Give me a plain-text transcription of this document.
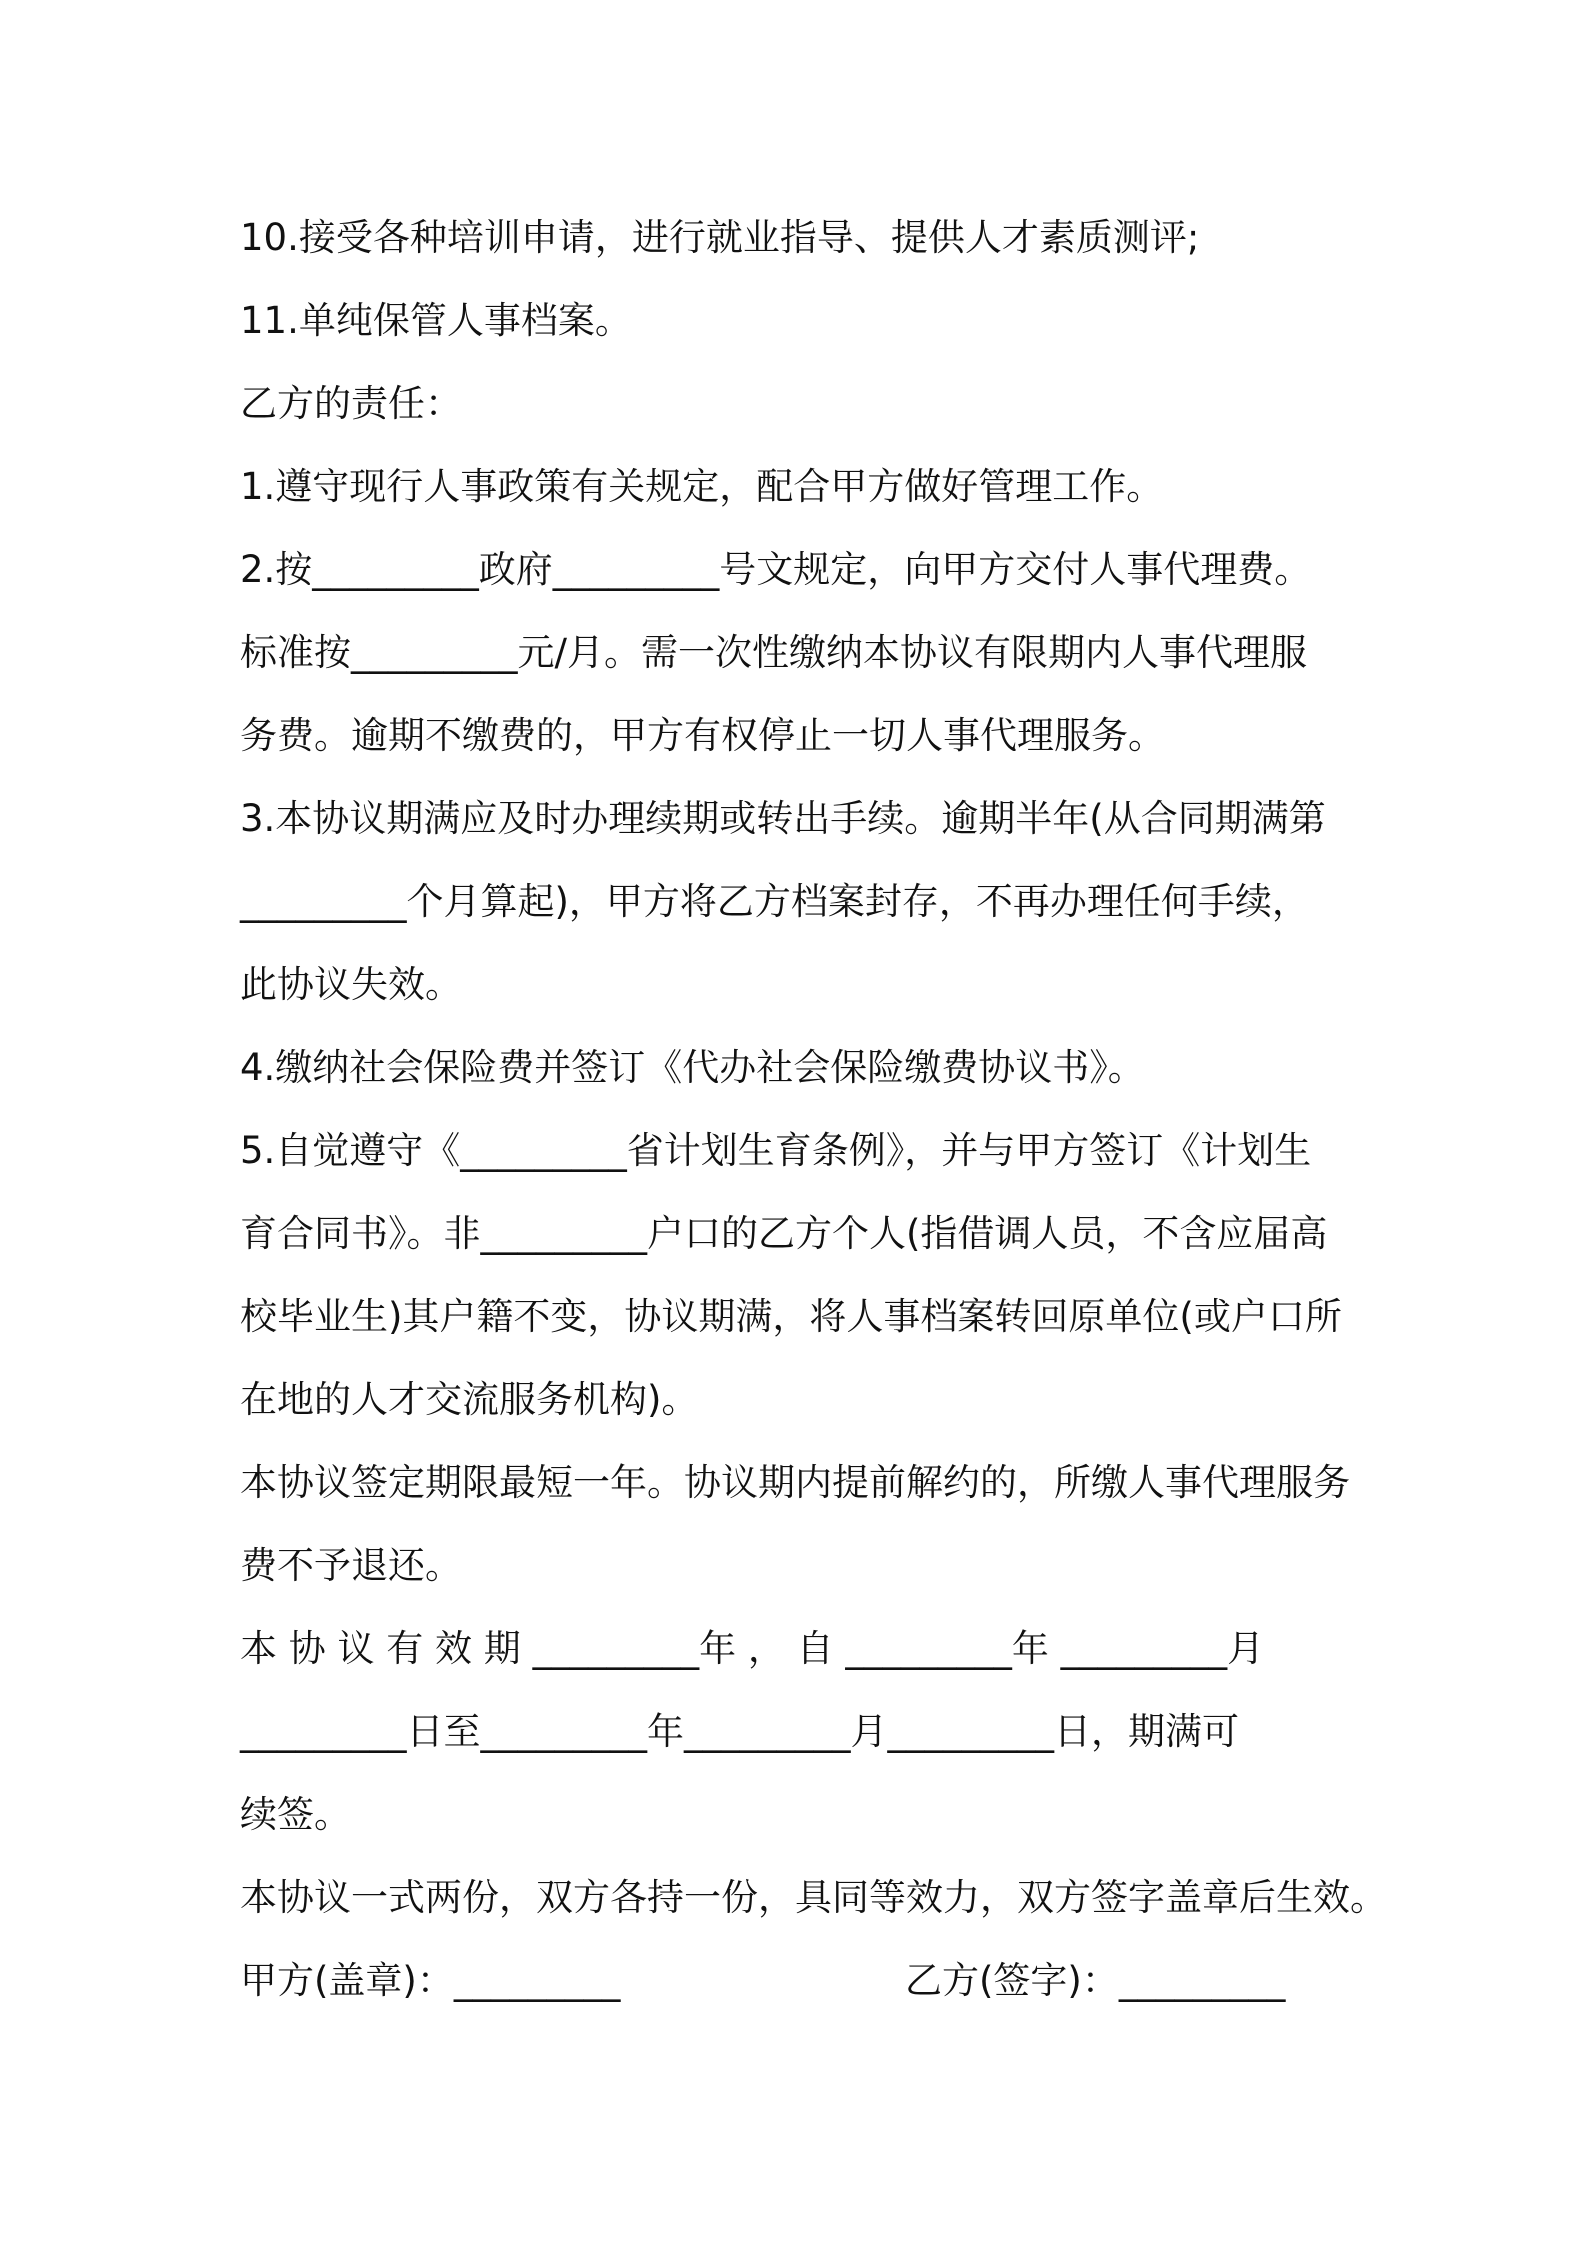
10.接受各种培训申请，进行就业指导、提供人才素质测评;
11.单纯保管人事档案。
乙方的责任：
1.遵守现行人事政策有关规定，配合甲方做好管理工作。
2.按_________政府_________号文规定，向甲方交付人事代理费。
标准按_________元/月。需一次性缴纳本协议有限期内人事代理服
务费。逾期不缴费的，甲方有权停止一切人事代理服务。
3.本协议期满应及时办理续期或转出手续。逾期半年(从合同期满第
_________个月算起)，甲方将乙方档案封存，不再办理任何手续，
此协议失效。
4.缴纳社会保险费并签订《代办社会保险缴费协议书》。
5.自觉遵守《_________省计划生育条例》，并与甲方签订《计划生
育合同书》。非_________户口的乙方个人(指借调人员，不含应届高
校毕业生)其户籍不变，协议期满，将人事档案转回原单位(或户口所
在地的人才交流服务机构)。
本协议签定期限最短一年。协议期内提前解约的，所缴人事代理服务
费不予退还。
本 协 议 有 效 期 _________年 ， 自 _________年 _________月
_________日至_________年_________月_________日，期满可
续签。
本协议一式两份，双方各持一份，具同等效力，双方签字盖章后生效。
甲方(盖章)：_________	乙方(签字)：_________
